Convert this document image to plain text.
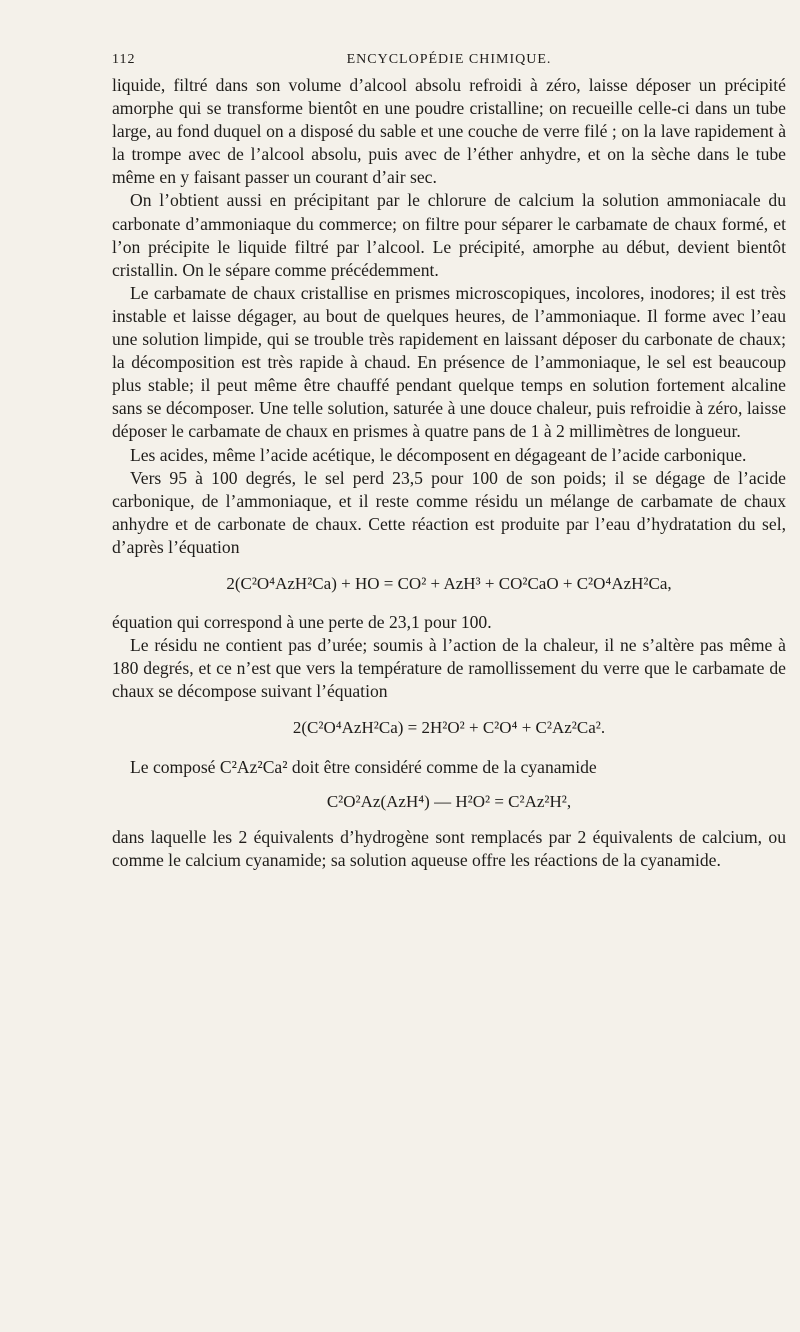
112	ENCYCLOPÉDIE CHIMIQUE.

liquide, filtré dans son volume d’alcool absolu refroidi à zéro, laisse déposer un précipité amorphe qui se transforme bientôt en une poudre cristalline; on recueille celle-ci dans un tube large, au fond duquel on a disposé du sable et une couche de verre filé ; on la lave rapidement à la trompe avec de l’alcool absolu, puis avec de l’éther anhydre, et on la sèche dans le tube même en y faisant passer un courant d’air sec.

On l’obtient aussi en précipitant par le chlorure de calcium la solution ammoniacale du carbonate d’ammoniaque du commerce; on filtre pour séparer le carbamate de chaux formé, et l’on précipite le liquide filtré par l’alcool. Le précipité, amorphe au début, devient bientôt cristallin. On le sépare comme précédemment.

Le carbamate de chaux cristallise en prismes microscopiques, incolores, inodores; il est très instable et laisse dégager, au bout de quelques heures, de l’ammoniaque. Il forme avec l’eau une solution limpide, qui se trouble très rapidement en laissant déposer du carbonate de chaux; la décomposition est très rapide à chaud. En présence de l’ammoniaque, le sel est beaucoup plus stable; il peut même être chauffé pendant quelque temps en solution fortement alcaline sans se décomposer. Une telle solution, saturée à une douce chaleur, puis refroidie à zéro, laisse déposer le carbamate de chaux en prismes à quatre pans de 1 à 2 millimètres de longueur.

Les acides, même l’acide acétique, le décomposent en dégageant de l’acide carbonique.

Vers 95 à 100 degrés, le sel perd 23,5 pour 100 de son poids; il se dégage de l’acide carbonique, de l’ammoniaque, et il reste comme résidu un mélange de carbamate de chaux anhydre et de carbonate de chaux. Cette réaction est produite par l’eau d’hydratation du sel, d’après l’équation

2(C²O⁴AzH²Ca) + HO = CO² + AzH³ + CO²CaO + C²O⁴AzH²Ca,

équation qui correspond à une perte de 23,1 pour 100.

Le résidu ne contient pas d’urée; soumis à l’action de la chaleur, il ne s’altère pas même à 180 degrés, et ce n’est que vers la température de ramollissement du verre que le carbamate de chaux se décompose suivant l’équation

2(C²O⁴AzH²Ca) = 2H²O² + C²O⁴ + C²Az²Ca².

Le composé C²Az²Ca² doit être considéré comme de la cyanamide

C²O²Az(AzH⁴) — H²O² = C²Az²H²,

dans laquelle les 2 équivalents d’hydrogène sont remplacés par 2 équivalents de calcium, ou comme le calcium cyanamide; sa solution aqueuse offre les réactions de la cyanamide.
